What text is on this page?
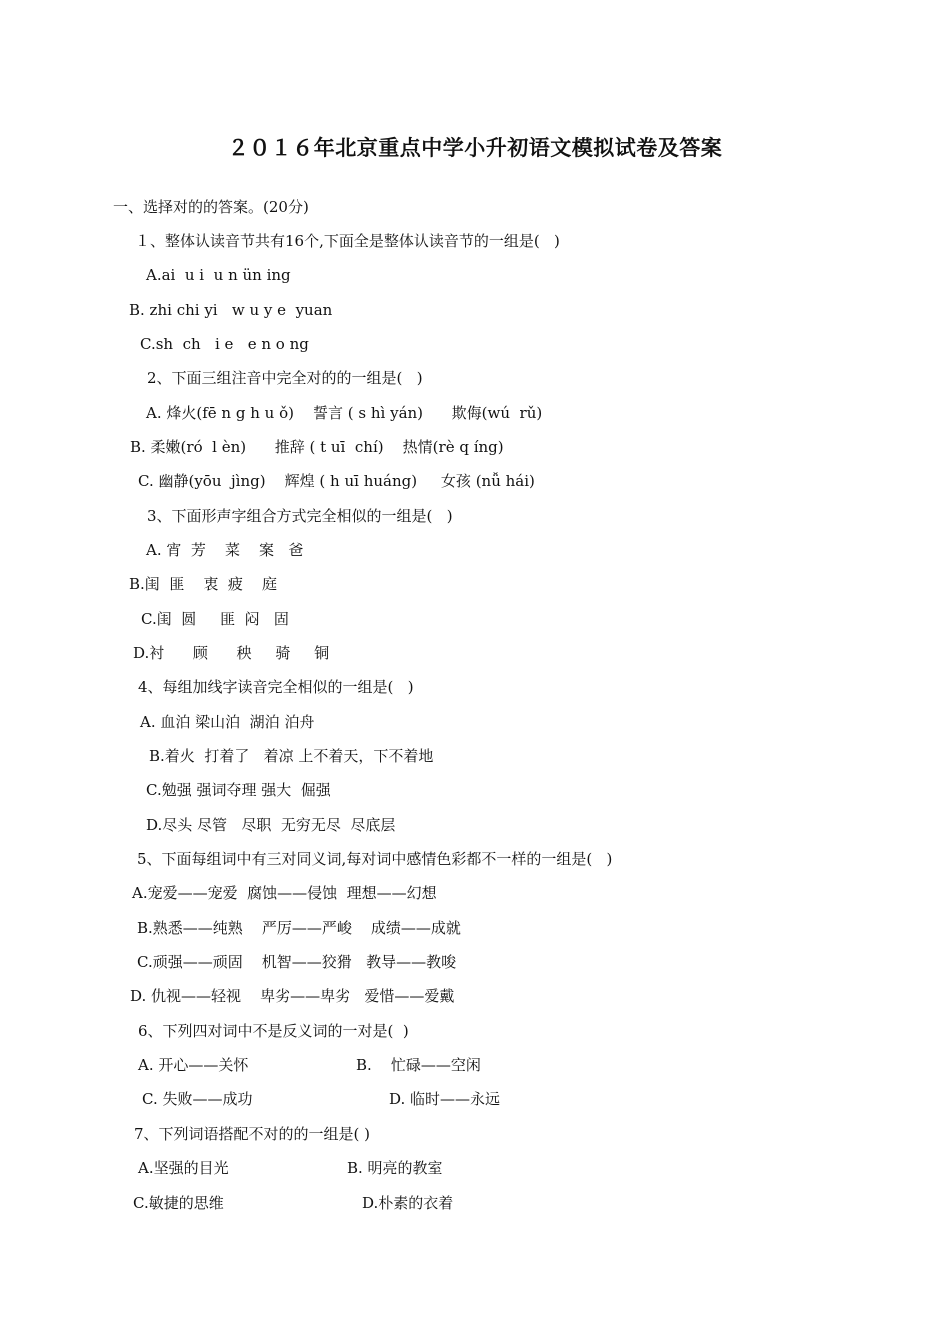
２０１６年北京重点中学小升初语文模拟试卷及答案
一、选择对的的答案。(20分)
１、整体认读音节共有16个,下面全是整体认读音节的一组是(   )
A.ai  u i  u n ün ing
B. zhi chi yi   w u y e  yuan
C.sh  ch   i e   e n o ng
2、下面三组注音中完全对的的一组是(   )
A. 烽火(fē n g h u ǒ)    誓言 ( s hì yán)      欺侮(wú  rǔ)
B. 柔嫩(ró  l èn)      推辞 ( t uī  chí)    热情(rè q íng)
C. 幽静(yōu  jìng)    辉煌 ( h uī huáng)     女孩 (nǚ hái)
3、下面形声字组合方式完全相似的一组是(   )
A. 宵  芳    菜    案   爸
B.闺  匪    衷  疲    庭
C.闺  圆     匪  闷   固
D.衬      顾      秧     骑     铜
4、每组加线字读音完全相似的一组是(   )
A. 血泊 梁山泊  湖泊 泊舟
B.着火  打着了   着凉 上不着天，下不着地
C.勉强 强词夺理 强大  倔强
D.尽头 尽管   尽职  无穷无尽  尽底层
5、下面每组词中有三对同义词,每对词中感情色彩都不一样的一组是(   )
A.宠爱——宠爱  腐蚀——侵蚀  理想——幻想
B.熟悉——纯熟    严厉——严峻    成绩——成就
C.顽强——顽固    机智——狡猾   教导——教唆
D. 仇视——轻视    卑劣——卑劣   爱惜——爱戴
6、下列四对词中不是反义词的一对是(  )
A. 开心——关怀	B.    忙碌——空闲
C. 失败——成功	D. 临时——永远
7、下列词语搭配不对的的一组是( )
A.坚强的目光	B. 明亮的教室
C.敏捷的思维	D.朴素的衣着
